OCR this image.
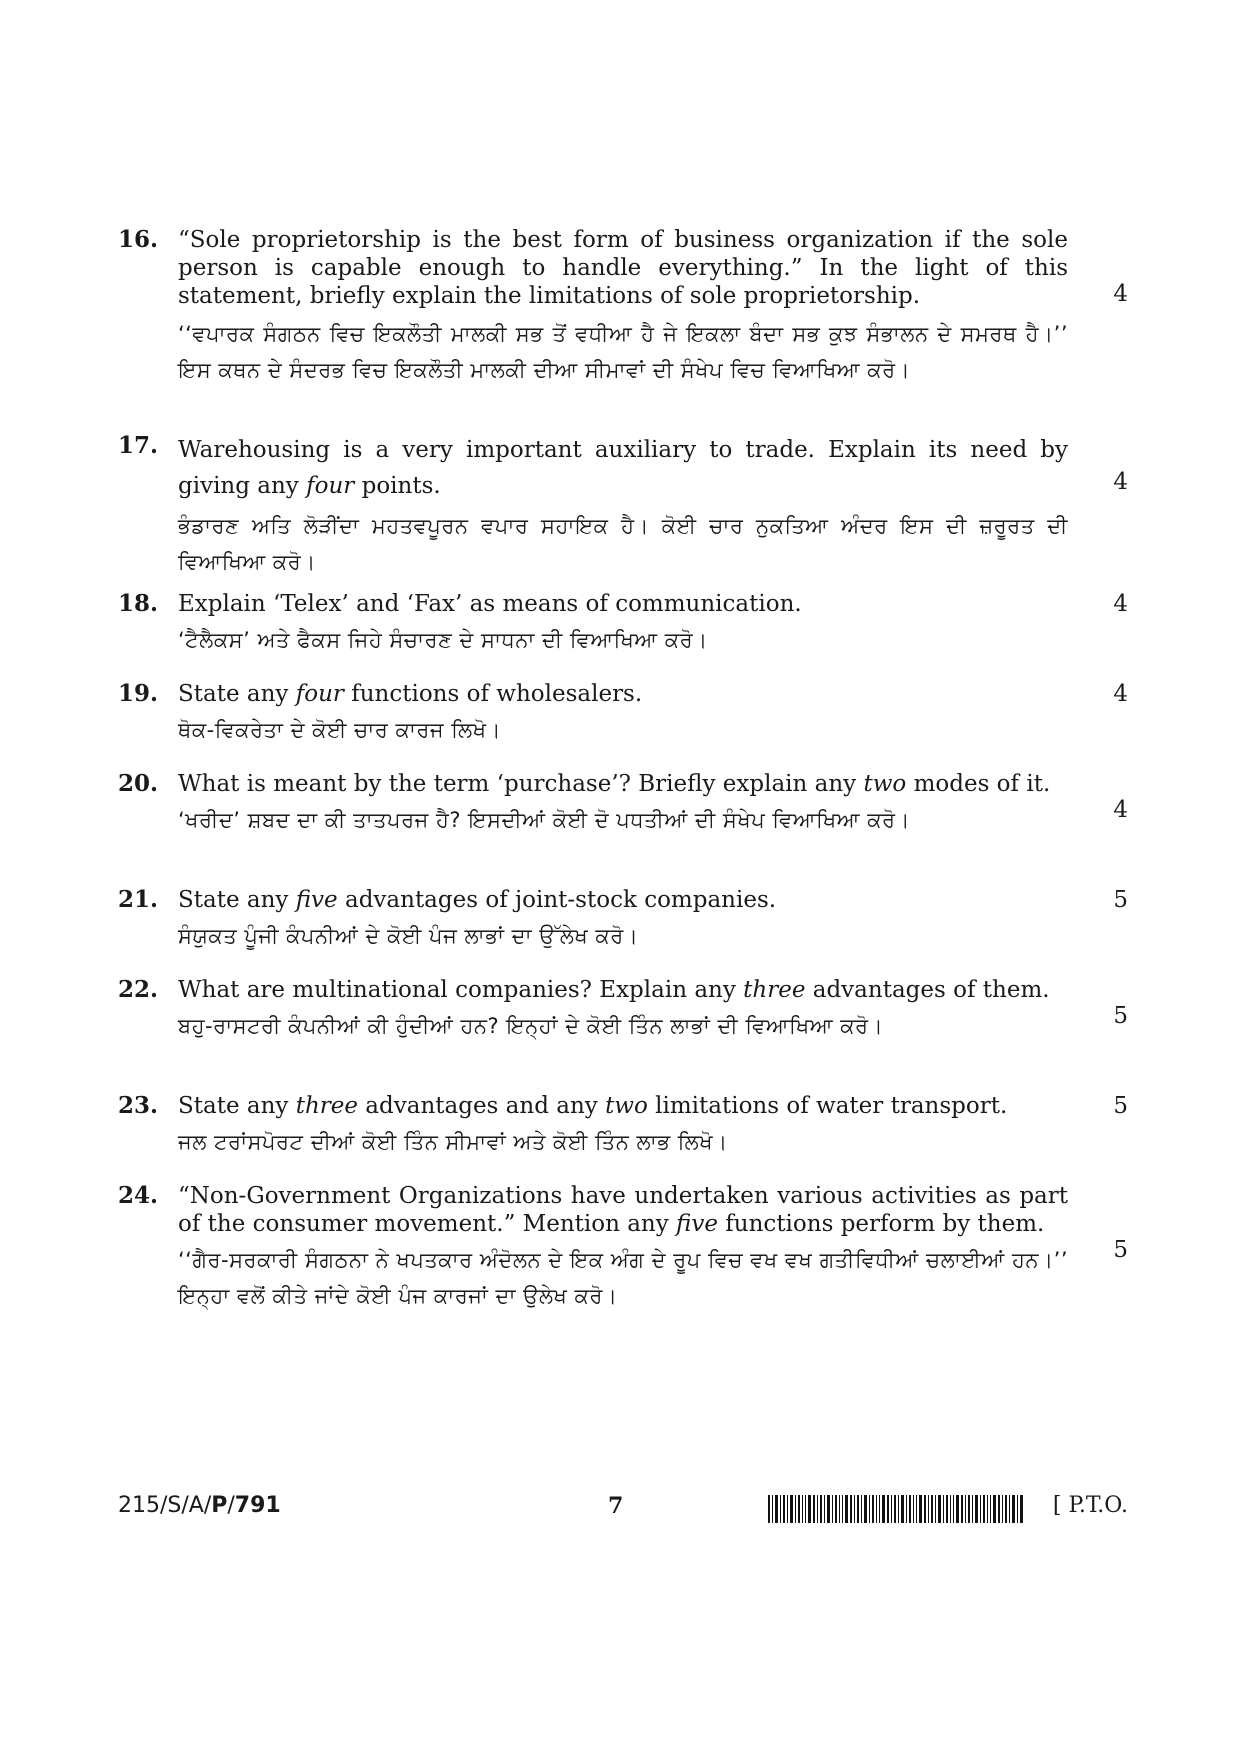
16. “Sole proprietorship is the best form of business organization if the sole person is capable enough to handle everything.” In the light of this statement, briefly explain the limitations of sole proprietorship.

‘‘ਵਪਾਰਕ ਸੰਗਠਨ ਵਿਚ ਇਕਲੌਤੀ ਮਾਲਕੀ ਸਭ ਤੋਂ ਵਧੀਆ ਹੈ ਜੇ ਇਕਲਾ ਬੰਦਾ ਸਭ ਕੁਝ ਸੰਭਾਲਨ ਦੇ ਸਮਰਥ ਹੈ।’’ ਇਸ ਕਥਨ ਦੇ ਸੰਦਰਭ ਵਿਚ ਇਕਲੌਤੀ ਮਾਲਕੀ ਦੀਆ ਸੀਮਾਵਾਂ ਦੀ ਸੰਖੇਪ ਵਿਚ ਵਿਆਖਿਆ ਕਰੋ।

4
17. Warehousing is a very important auxiliary to trade. Explain its need by giving any four points.

ਭੰਡਾਰਣ ਅਤਿ ਲੋੜੀਂਦਾ ਮਹਤਵਪੂਰਨ ਵਪਾਰ ਸਹਾਇਕ ਹੈ। ਕੋਈ ਚਾਰ ਨੁਕਤਿਆ ਅੰਦਰ ਇਸ ਦੀ ਜ਼ਰੂਰਤ ਦੀ ਵਿਆਖਿਆ ਕਰੋ।

4
18. Explain ‘Telex’ and ‘Fax’ as means of communication.

‘ਟੈਲੈਕਸ’ ਅਤੇ ਫੈਕਸ ਜਿਹੇ ਸੰਚਾਰਣ ਦੇ ਸਾਧਨਾ ਦੀ ਵਿਆਖਿਆ ਕਰੋ।

4
19. State any four functions of wholesalers.

ਥੋਕ-ਵਿਕਰੇਤਾ ਦੇ ਕੋਈ ਚਾਰ ਕਾਰਜ ਲਿਖੋ।

4
20. What is meant by the term ‘purchase’? Briefly explain any two modes of it.

‘ਖਰੀਦ’ ਸ਼ਬਦ ਦਾ ਕੀ ਤਾਤਪਰਜ ਹੈ? ਇਸਦੀਆਂ ਕੋਈ ਦੋ ਪਧਤੀਆਂ ਦੀ ਸੰਖੇਪ ਵਿਆਖਿਆ ਕਰੋ।	4
21. State any five advantages of joint-stock companies.

ਸੰਯੁਕਤ ਪੂੰਜੀ ਕੰਪਨੀਆਂ ਦੇ ਕੋਈ ਪੰਜ ਲਾਭਾਂ ਦਾ ਉੱਲੇਖ ਕਰੋ।

5
22. What are multinational companies? Explain any three advantages of them.

ਬਹੁ-ਰਾਸਟਰੀ ਕੰਪਨੀਆਂ ਕੀ ਹੁੰਦੀਆਂ ਹਨ? ਇਨ੍ਹਾਂ ਦੇ ਕੋਈ ਤਿੰਨ ਲਾਭਾਂ ਦੀ ਵਿਆਖਿਆ ਕਰੋ।	5
23. State any three advantages and any two limitations of water transport.

ਜਲ ਟਰਾਂਸਪੋਰਟ ਦੀਆਂ ਕੋਈ ਤਿੰਨ ਸੀਮਾਵਾਂ ਅਤੇ ਕੋਈ ਤਿੰਨ ਲਾਭ ਲਿਖੋ।

5
24. “Non-Government Organizations have undertaken various activities as part of the consumer movement.” Mention any five functions perform by them.

‘‘ਗੈਰ-ਸਰਕਾਰੀ ਸੰਗਠਨਾ ਨੇ ਖਪਤਕਾਰ ਅੰਦੋਲਨ ਦੇ ਇਕ ਅੰਗ ਦੇ ਰੂਪ ਵਿਚ ਵਖ ਵਖ ਗਤੀਵਿਧੀਆਂ ਚਲਾਈਆਂ ਹਨ।’’ ਇਨ੍ਹਾ ਵਲੋਂ ਕੀਤੇ ਜਾਂਦੇ ਕੋਈ ਪੰਜ ਕਾਰਜਾਂ ਦਾ ਉਲੇਖ ਕਰੋ।

5
215/S/A/P/791	7	[ P.T.O.
